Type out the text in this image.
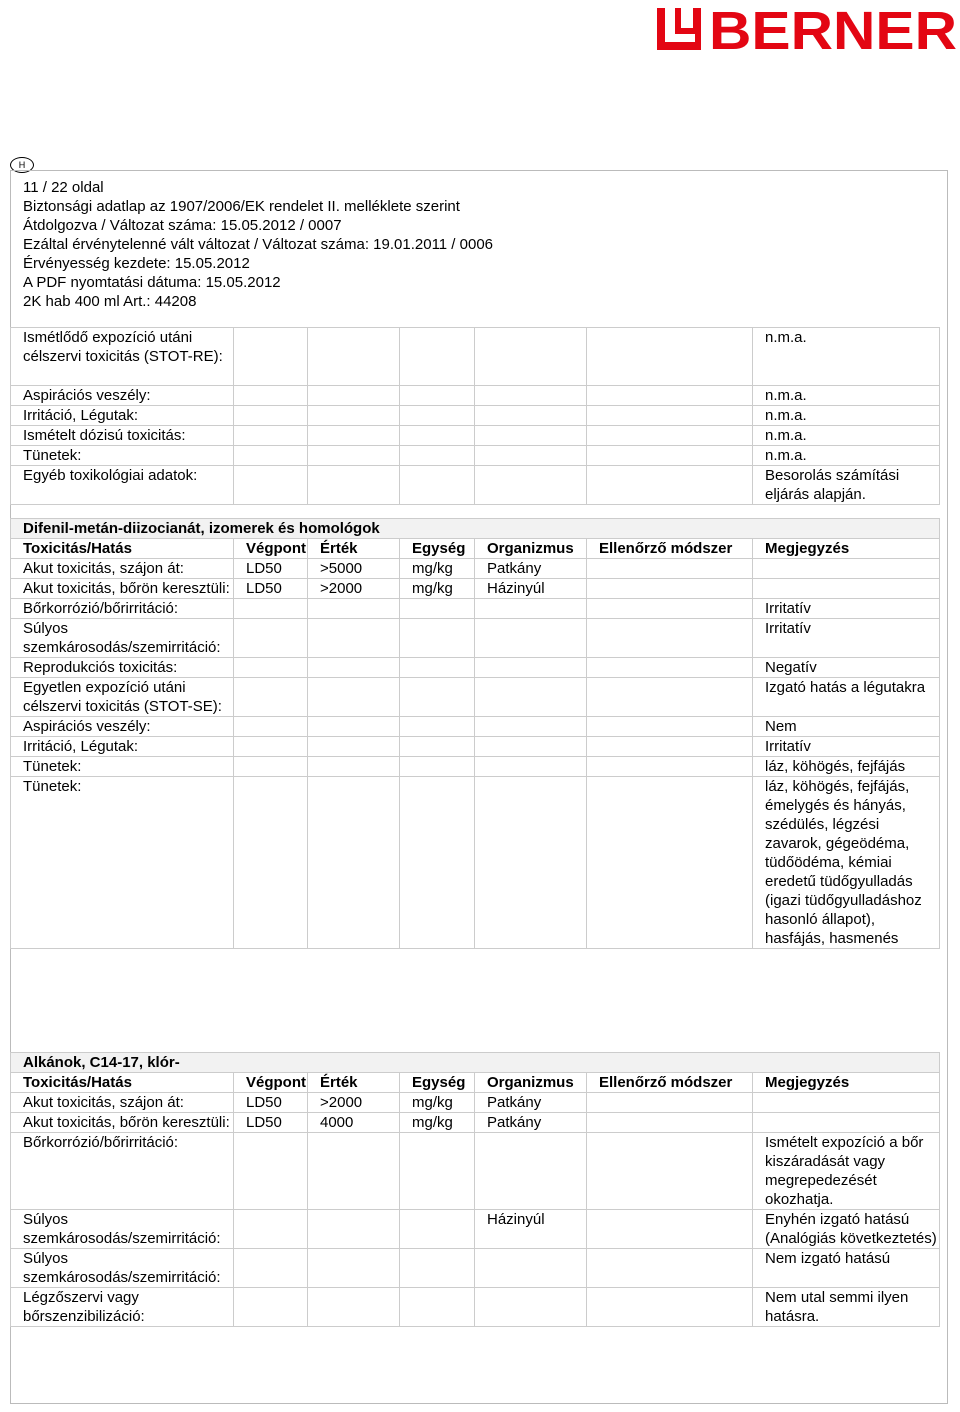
BERNER
H
11 / 22 oldal
Biztonsági adatlap az 1907/2006/EK rendelet II. melléklete szerint
Átdolgozva / Változat száma: 15.05.2012 / 0007
Ezáltal érvénytelenné vált változat / Változat száma: 19.01.2011 / 0006
Érvényesség kezdete: 15.05.2012
A PDF nyomtatási dátuma: 15.05.2012
2K hab 400 ml Art.: 44208
Ismétlődő expozíció utáni célszervi toxicitás (STOT-RE):						n.m.a.
Aspirációs veszély:						n.m.a.
Irritáció, Légutak:						n.m.a.
Ismételt dózisú toxicitás:						n.m.a.
Tünetek:						n.m.a.
Egyéb toxikológiai adatok:						Besorolás számítási eljárás alapján.
Difenil-metán-diizocianát, izomerek és homológok						
Toxicitás/Hatás	Végpont	Érték	Egység	Organizmus	Ellenőrző módszer	Megjegyzés
Akut toxicitás, szájon át:	LD50	>5000	mg/kg	Patkány		
Akut toxicitás, bőrön keresztüli:	LD50	>2000	mg/kg	Házinyúl		
Bőrkorrózió/bőrirritáció:						Irritatív
Súlyos szemkárosodás/szemirritáció:						Irritatív
Reprodukciós toxicitás:						Negatív
Egyetlen expozíció utáni célszervi toxicitás (STOT-SE):						Izgató hatás a légutakra
Aspirációs veszély:						Nem
Irritáció, Légutak:						Irritatív
Tünetek:						láz, köhögés, fejfájás
Tünetek:						láz, köhögés, fejfájás, émelygés és hányás, szédülés, légzési zavarok, gégeödéma, tüdőödéma, kémiai eredetű tüdőgyulladás (igazi tüdőgyulladáshoz hasonló állapot), hasfájás, hasmenés
Alkánok, C14-17, klór-						
Toxicitás/Hatás	Végpont	Érték	Egység	Organizmus	Ellenőrző módszer	Megjegyzés
Akut toxicitás, szájon át:	LD50	>2000	mg/kg	Patkány		
Akut toxicitás, bőrön keresztüli:	LD50	4000	mg/kg	Patkány		
Bőrkorrózió/bőrirritáció:						Ismételt expozíció a bőr kiszáradását vagy megrepedezését okozhatja.
Súlyos szemkárosodás/szemirritáció:				Házinyúl		Enyhén izgató hatású (Analógiás következtetés)
Súlyos szemkárosodás/szemirritáció:						Nem izgató hatású
Légzőszervi vagy bőrszenzibilizáció:						Nem utal semmi ilyen hatásra.
